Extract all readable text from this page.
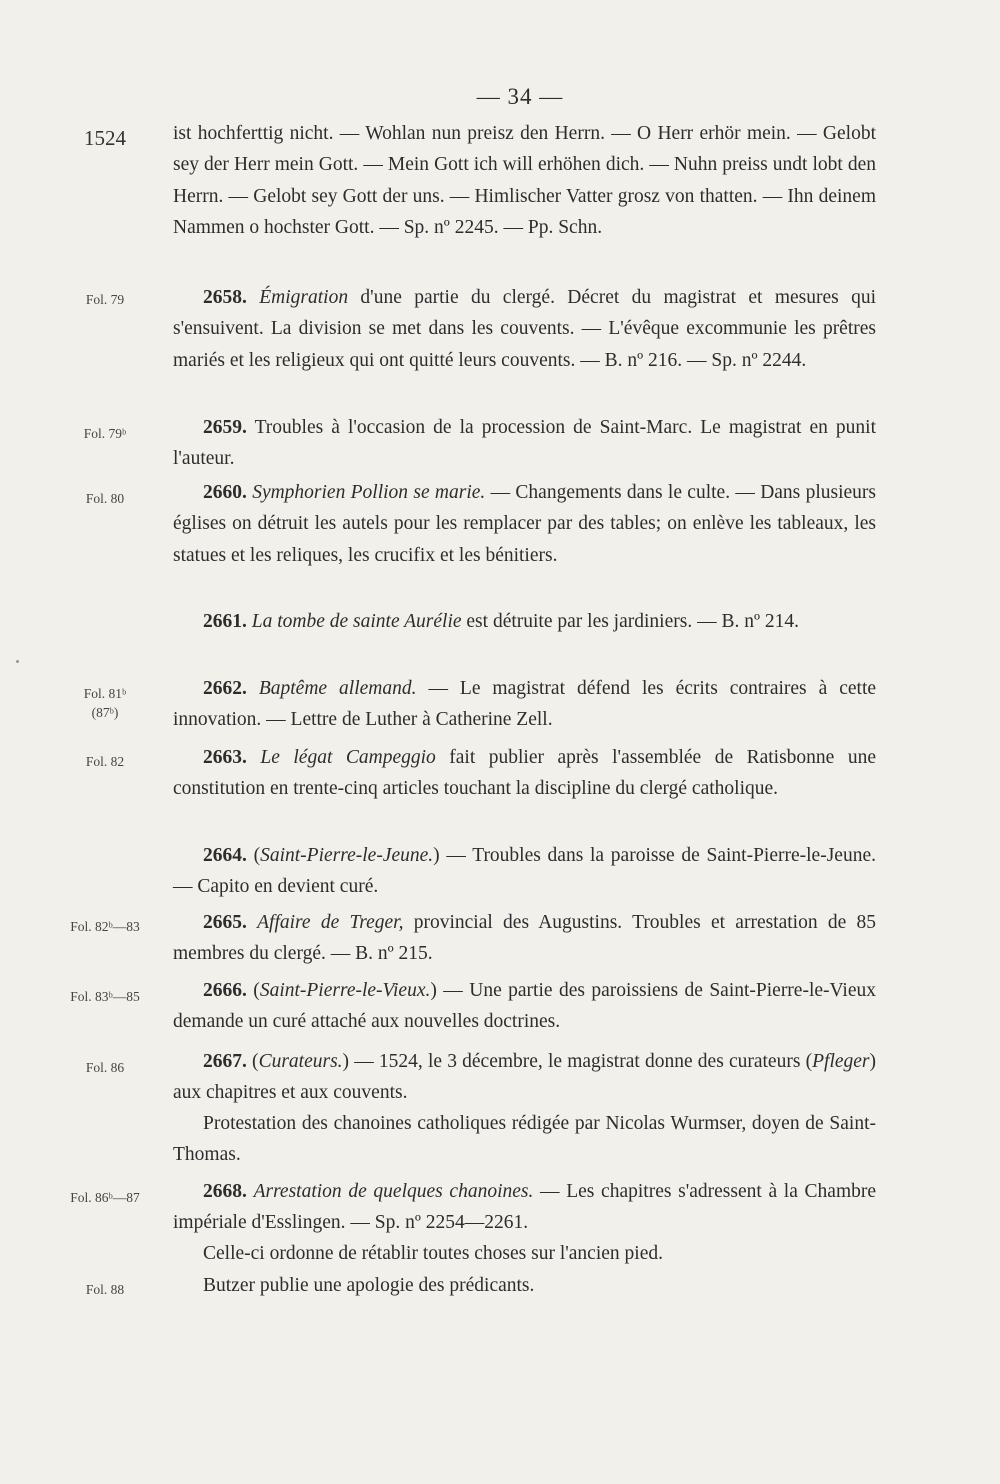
— 34 —
1524
Fol. 79
Fol. 79ᵇ
Fol. 80
Fol. 81ᵇ
(87ᵇ)
Fol. 82
Fol. 82ᵇ—83
Fol. 83ᵇ—85
Fol. 86
Fol. 86ᵇ—87
Fol. 88
ist hochferttig nicht. — Wohlan nun preisz den Herrn. — O Herr erhör mein. — Gelobt sey der Herr mein Gott. — Mein Gott ich will erhöhen dich. — Nuhn preiss undt lobt den Herrn. — Gelobt sey Gott der uns. — Himlischer Vatter grosz von thatten. — Ihn deinem Nammen o hochster Gott. — Sp. nº 2245. — Pp. Schn.
2658. Émigration d'une partie du clergé. Décret du magistrat et mesures qui s'ensuivent. La division se met dans les couvents. — L'évêque excommunie les prêtres mariés et les religieux qui ont quitté leurs couvents. — B. nº 216. — Sp. nº 2244.
2659. Troubles à l'occasion de la procession de Saint-Marc. Le magistrat en punit l'auteur.
2660. Symphorien Pollion se marie. — Changements dans le culte. — Dans plusieurs églises on détruit les autels pour les remplacer par des tables; on enlève les tableaux, les statues et les reliques, les crucifix et les bénitiers.
2661. La tombe de sainte Aurélie est détruite par les jardiniers. — B. nº 214.
2662. Baptême allemand. — Le magistrat défend les écrits contraires à cette innovation. — Lettre de Luther à Catherine Zell.
2663. Le légat Campeggio fait publier après l'assemblée de Ratisbonne une constitution en trente-cinq articles touchant la discipline du clergé catholique.
2664. (Saint-Pierre-le-Jeune.) — Troubles dans la paroisse de Saint-Pierre-le-Jeune. — Capito en devient curé.
2665. Affaire de Treger, provincial des Augustins. Troubles et arrestation de 85 membres du clergé. — B. nº 215.
2666. (Saint-Pierre-le-Vieux.) — Une partie des paroissiens de Saint-Pierre-le-Vieux demande un curé attaché aux nouvelles doctrines.
2667. (Curateurs.) — 1524, le 3 décembre, le magistrat donne des curateurs (Pfleger) aux chapitres et aux couvents.
Protestation des chanoines catholiques rédigée par Nicolas Wurmser, doyen de Saint-Thomas.
2668. Arrestation de quelques chanoines. — Les chapitres s'adressent à la Chambre impériale d'Esslingen. — Sp. nº 2254—2261.
Celle-ci ordonne de rétablir toutes choses sur l'ancien pied.
Butzer publie une apologie des prédicants.
